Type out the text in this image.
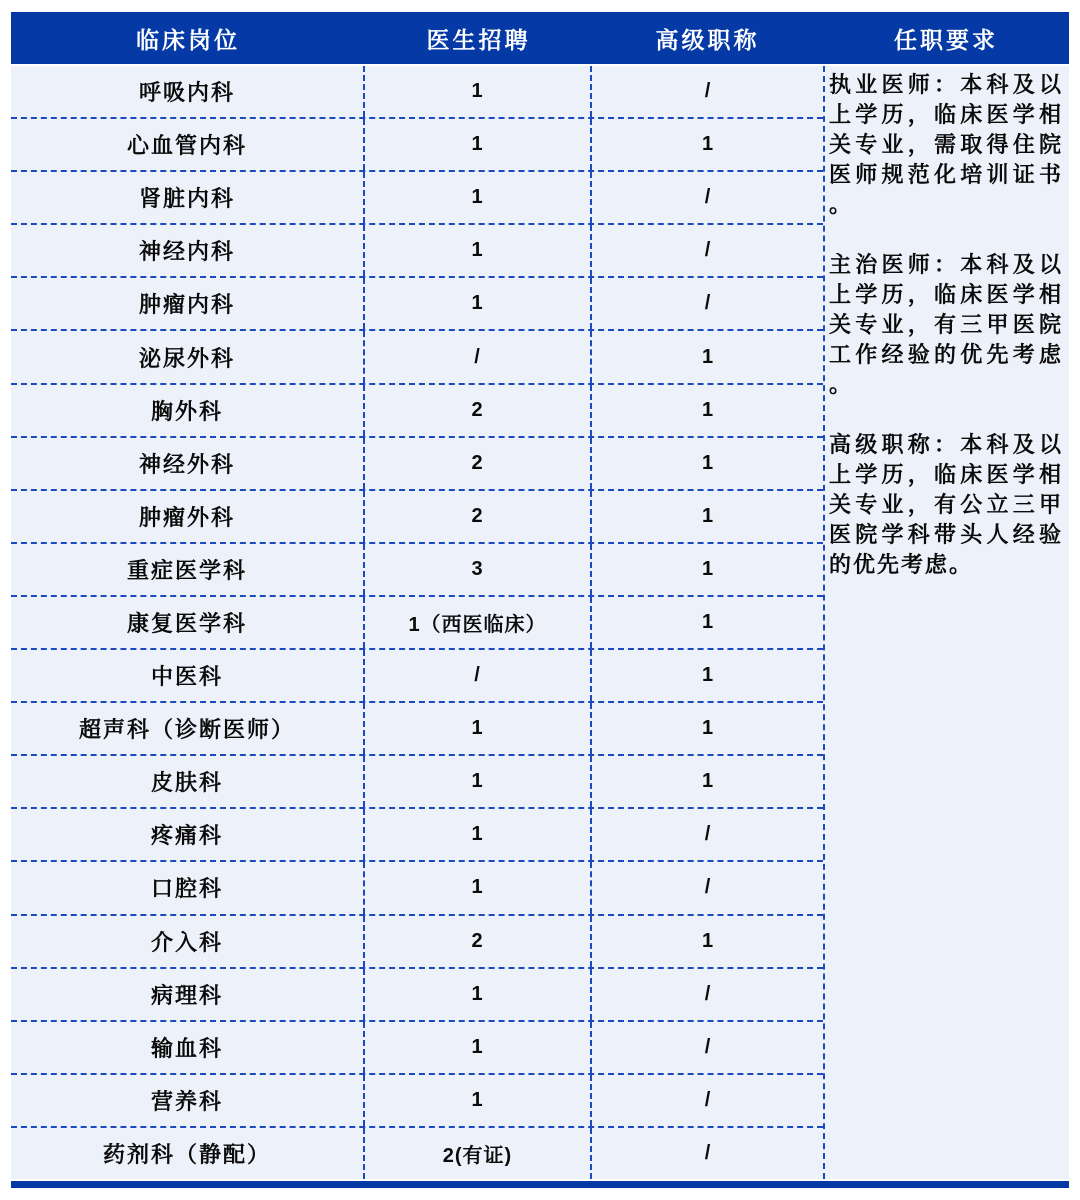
临床岗位	医生招聘	高级职称	任职要求
呼吸内科	1	/
心血管内科	1	1
肾脏内科	1	/
神经内科	1	/
肿瘤内科	1	/
泌尿外科	/	1
胸外科	2	1
神经外科	2	1
肿瘤外科	2	1
重症医学科	3	1
康复医学科	1（西医临床）	1
中医科	/	1
超声科（诊断医师）	1	1
皮肤科	1	1
疼痛科	1	/
口腔科	1	/
介入科	2	1
病理科	1	/
输血科	1	/
营养科	1	/
药剂科（静配）	2(有证)	/

执业医师：本科及以上学历，临床医学相关专业，需取得住院医师规范化培训证书。

主治医师：本科及以上学历，临床医学相关专业，有三甲医院工作经验的优先考虑。

高级职称：本科及以上学历，临床医学相关专业，有公立三甲医院学科带头人经验的优先考虑。
